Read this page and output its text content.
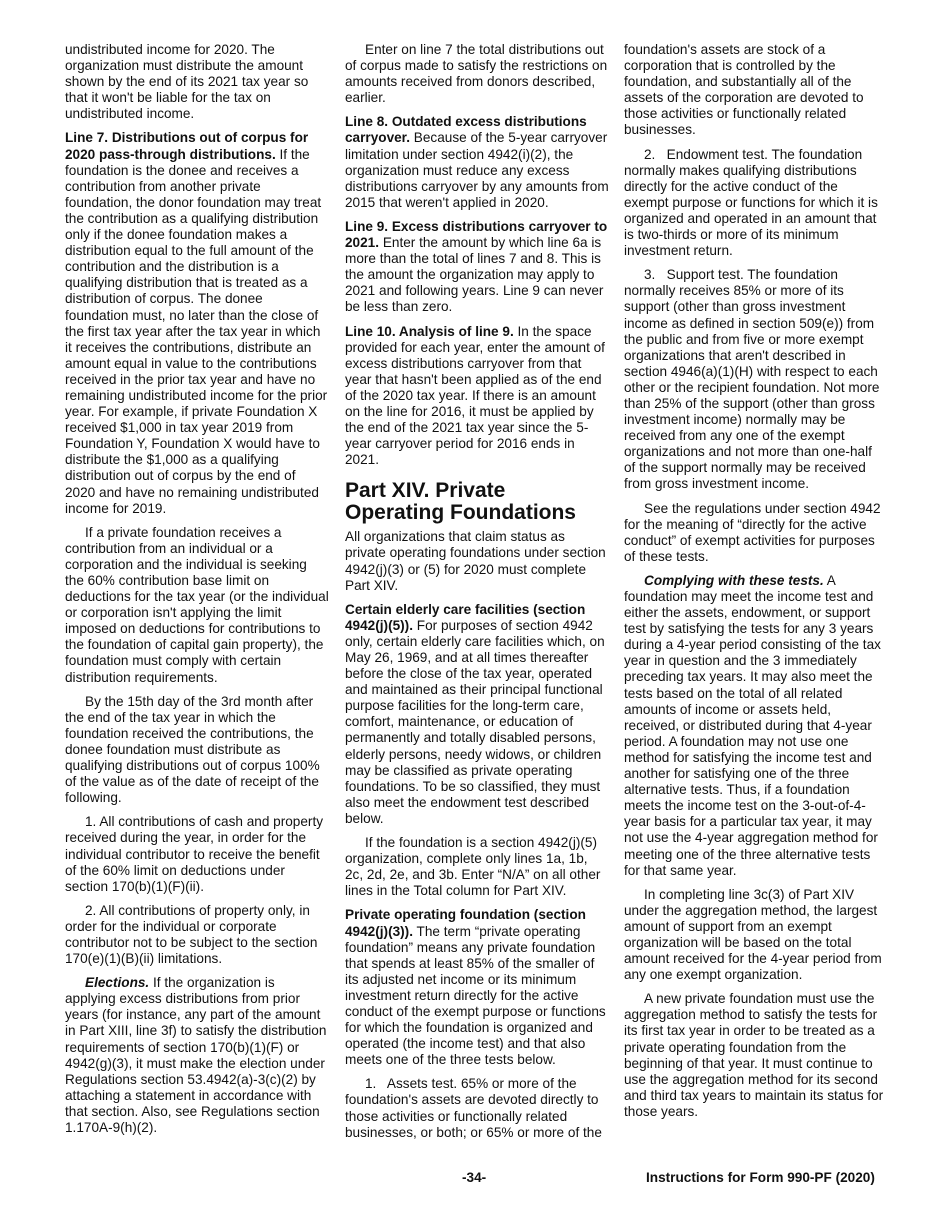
undistributed income for 2020. The organization must distribute the amount shown by the end of its 2021 tax year so that it won't be liable for the tax on undistributed income.

Line 7. Distributions out of corpus for 2020 pass-through distributions. If the foundation is the donee and receives a contribution from another private foundation, the donor foundation may treat the contribution as a qualifying distribution only if the donee foundation makes a distribution equal to the full amount of the contribution and the distribution is a qualifying distribution that is treated as a distribution of corpus. The donee foundation must, no later than the close of the first tax year after the tax year in which it receives the contributions, distribute an amount equal in value to the contributions received in the prior tax year and have no remaining undistributed income for the prior year. For example, if private Foundation X received $1,000 in tax year 2019 from Foundation Y, Foundation X would have to distribute the $1,000 as a qualifying distribution out of corpus by the end of 2020 and have no remaining undistributed income for 2019.

If a private foundation receives a contribution from an individual or a corporation and the individual is seeking the 60% contribution base limit on deductions for the tax year (or the individual or corporation isn't applying the limit imposed on deductions for contributions to the foundation of capital gain property), the foundation must comply with certain distribution requirements.

By the 15th day of the 3rd month after the end of the tax year in which the foundation received the contributions, the donee foundation must distribute as qualifying distributions out of corpus 100% of the value as of the date of receipt of the following.

1. All contributions of cash and property received during the year, in order for the individual contributor to receive the benefit of the 60% limit on deductions under section 170(b)(1)(F)(ii).

2. All contributions of property only, in order for the individual or corporate contributor not to be subject to the section 170(e)(1)(B)(ii) limitations.

Elections. If the organization is applying excess distributions from prior years (for instance, any part of the amount in Part XIII, line 3f) to satisfy the distribution requirements of section 170(b)(1)(F) or 4942(g)(3), it must make the election under Regulations section 53.4942(a)-3(c)(2) by attaching a statement in accordance with that section. Also, see Regulations section 1.170A-9(h)(2).

Enter on line 7 the total distributions out of corpus made to satisfy the restrictions on amounts received from donors described, earlier.

Line 8. Outdated excess distributions carryover. Because of the 5-year carryover limitation under section 4942(i)(2), the organization must reduce any excess distributions carryover by any amounts from 2015 that weren't applied in 2020.

Line 9. Excess distributions carryover to 2021. Enter the amount by which line 6a is more than the total of lines 7 and 8. This is the amount the organization may apply to 2021 and following years. Line 9 can never be less than zero.

Line 10. Analysis of line 9. In the space provided for each year, enter the amount of excess distributions carryover from that year that hasn't been applied as of the end of the 2020 tax year. If there is an amount on the line for 2016, it must be applied by the end of the 2021 tax year since the 5-year carryover period for 2016 ends in 2021.

Part XIV. Private Operating Foundations

All organizations that claim status as private operating foundations under section 4942(j)(3) or (5) for 2020 must complete Part XIV.

Certain elderly care facilities (section 4942(j)(5)). For purposes of section 4942 only, certain elderly care facilities which, on May 26, 1969, and at all times thereafter before the close of the tax year, operated and maintained as their principal functional purpose facilities for the long-term care, comfort, maintenance, or education of permanently and totally disabled persons, elderly persons, needy widows, or children may be classified as private operating foundations. To be so classified, they must also meet the endowment test described below.

If the foundation is a section 4942(j)(5) organization, complete only lines 1a, 1b, 2c, 2d, 2e, and 3b. Enter “N/A” on all other lines in the Total column for Part XIV.

Private operating foundation (section 4942(j)(3)). The term “private operating foundation” means any private foundation that spends at least 85% of the smaller of its adjusted net income or its minimum investment return directly for the active conduct of the exempt purpose or functions for which the foundation is organized and operated (the income test) and that also meets one of the three tests below.

1.   Assets test. 65% or more of the foundation's assets are devoted directly to those activities or functionally related businesses, or both; or 65% or more of the

foundation's assets are stock of a corporation that is controlled by the foundation, and substantially all of the assets of the corporation are devoted to those activities or functionally related businesses.

2.   Endowment test. The foundation normally makes qualifying distributions directly for the active conduct of the exempt purpose or functions for which it is organized and operated in an amount that is two-thirds or more of its minimum investment return.

3.   Support test. The foundation normally receives 85% or more of its support (other than gross investment income as defined in section 509(e)) from the public and from five or more exempt organizations that aren't described in section 4946(a)(1)(H) with respect to each other or the recipient foundation. Not more than 25% of the support (other than gross investment income) normally may be received from any one of the exempt organizations and not more than one-half of the support normally may be received from gross investment income.

See the regulations under section 4942 for the meaning of “directly for the active conduct” of exempt activities for purposes of these tests.

Complying with these tests. A foundation may meet the income test and either the assets, endowment, or support test by satisfying the tests for any 3 years during a 4-year period consisting of the tax year in question and the 3 immediately preceding tax years. It may also meet the tests based on the total of all related amounts of income or assets held, received, or distributed during that 4-year period. A foundation may not use one method for satisfying the income test and another for satisfying one of the three alternative tests. Thus, if a foundation meets the income test on the 3-out-of-4-year basis for a particular tax year, it may not use the 4-year aggregation method for meeting one of the three alternative tests for that same year.

In completing line 3c(3) of Part XIV under the aggregation method, the largest amount of support from an exempt organization will be based on the total amount received for the 4-year period from any one exempt organization.

A new private foundation must use the aggregation method to satisfy the tests for its first tax year in order to be treated as a private operating foundation from the beginning of that year. It must continue to use the aggregation method for its second and third tax years to maintain its status for those years.

-34-	Instructions for Form 990-PF (2020)
